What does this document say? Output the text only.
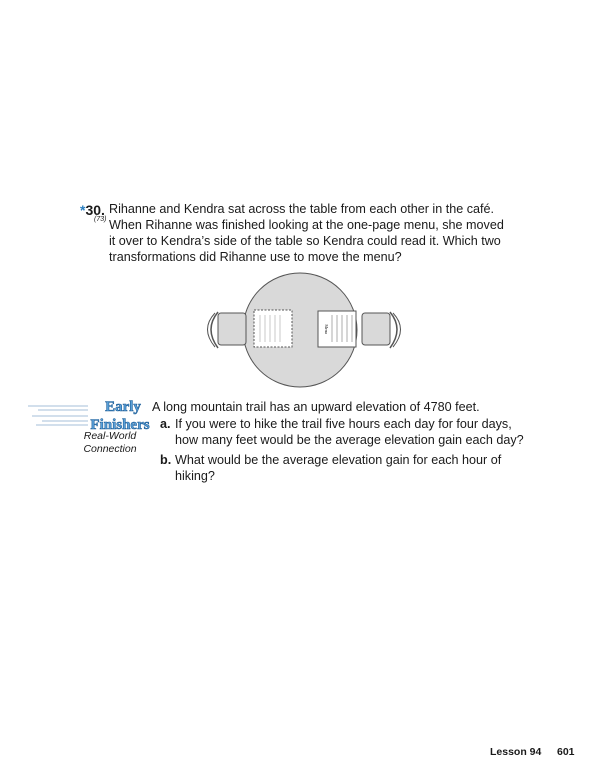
*30.
(73)
Rihanne and Kendra sat across the table from each other in the café.
When Rihanne was finished looking at the one-page menu, she moved
it over to Kendra’s side of the table so Kendra could read it. Which two
transformations did Rihanne use to move the menu?
Menu
Early
Finishers
Real-World
Connection
A long mountain trail has an upward elevation of 4780 feet.
a. If you were to hike the trail five hours each day for four days,
how many feet would be the average elevation gain each day?
b. What would be the average elevation gain for each hour of
hiking?
Lesson 94 601
